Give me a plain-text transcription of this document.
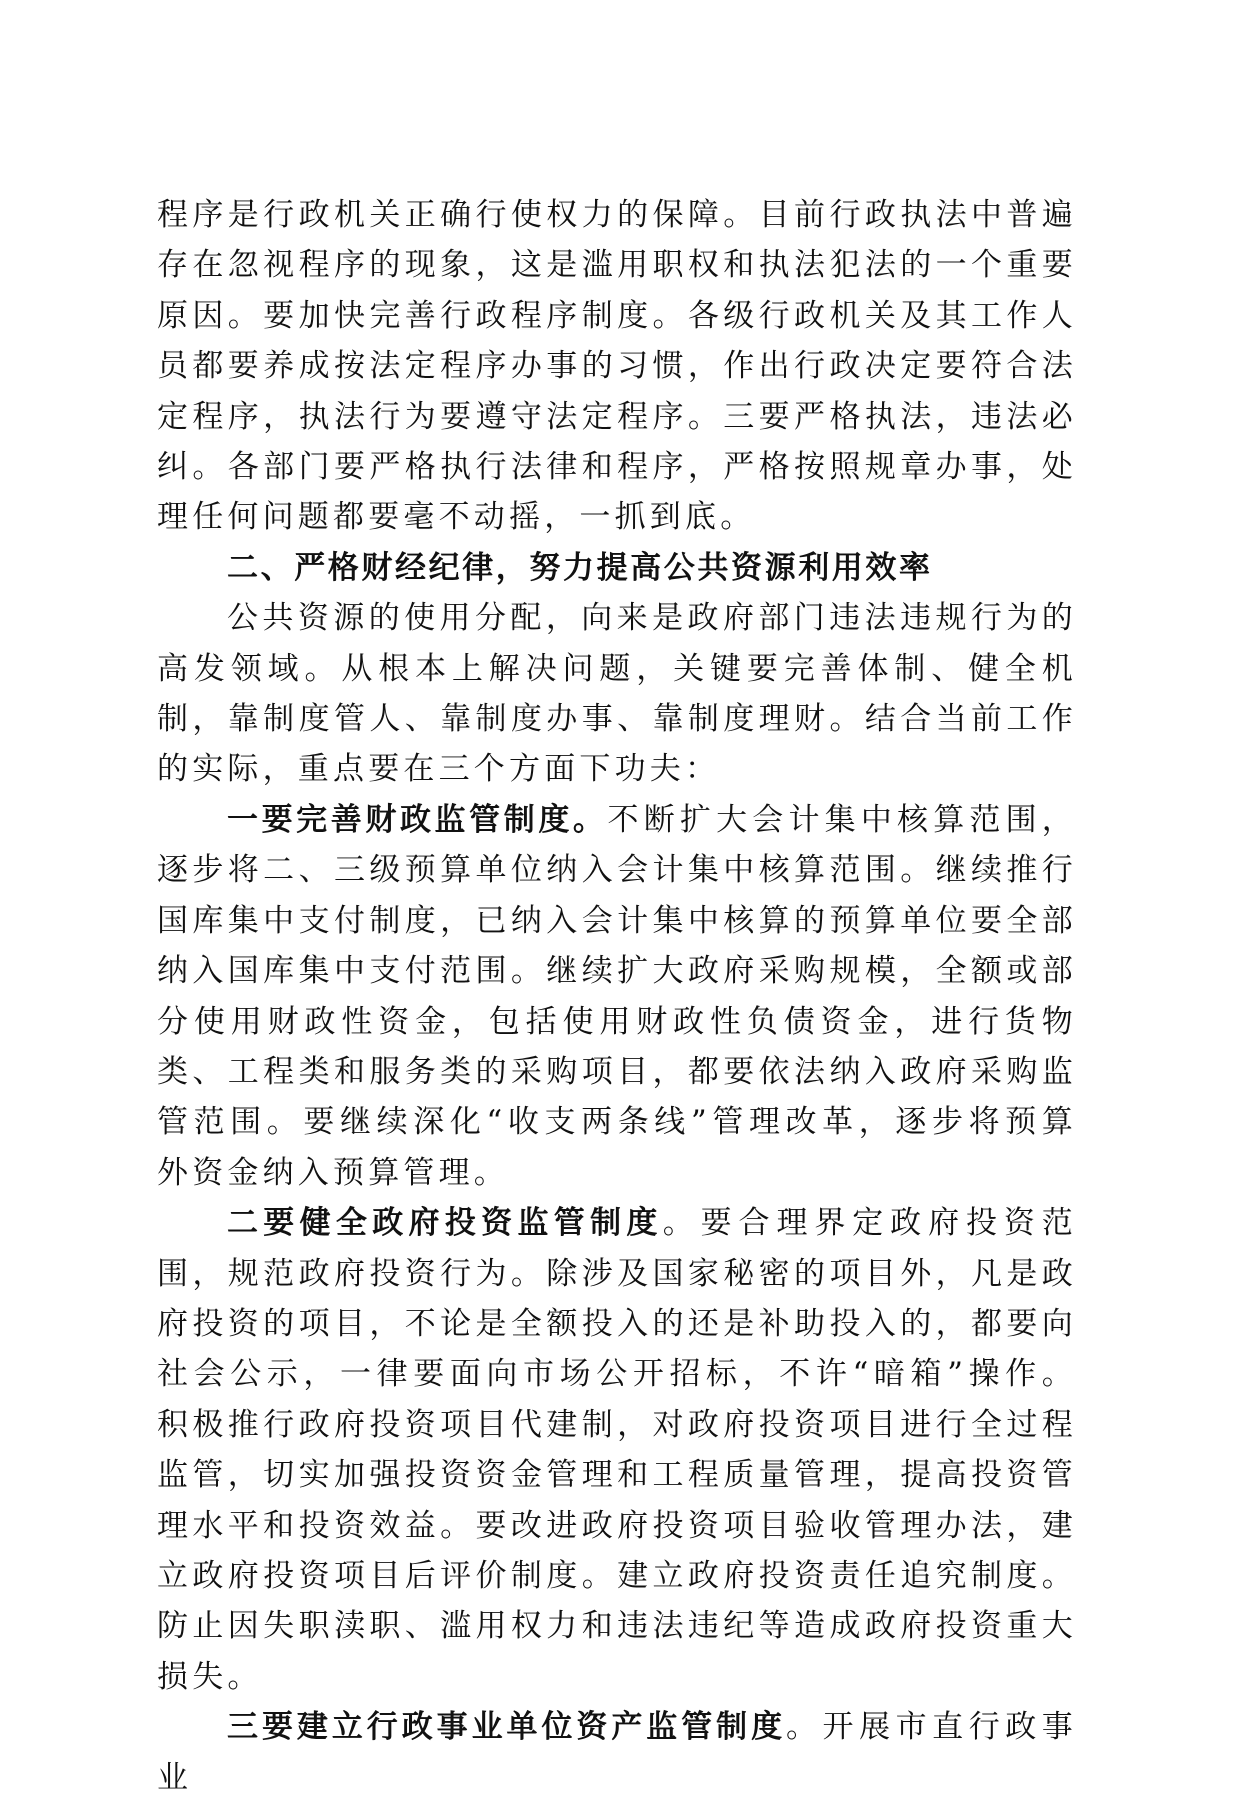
程序是行政机关正确行使权力的保障。目前行政执法中普遍存在忽视程序的现象，这是滥用职权和执法犯法的一个重要原因。要加快完善行政程序制度。各级行政机关及其工作人员都要养成按法定程序办事的习惯，作出行政决定要符合法定程序，执法行为要遵守法定程序。三要严格执法，违法必纠。各部门要严格执行法律和程序，严格按照规章办事，处理任何问题都要毫不动摇，一抓到底。

二、严格财经纪律，努力提高公共资源利用效率

公共资源的使用分配，向来是政府部门违法违规行为的高发领域。从根本上解决问题，关键要完善体制、健全机制，靠制度管人、靠制度办事、靠制度理财。结合当前工作的实际，重点要在三个方面下功夫：

一要完善财政监管制度。不断扩大会计集中核算范围，逐步将二、三级预算单位纳入会计集中核算范围。继续推行国库集中支付制度，已纳入会计集中核算的预算单位要全部纳入国库集中支付范围。继续扩大政府采购规模，全额或部分使用财政性资金，包括使用财政性负债资金，进行货物类、工程类和服务类的采购项目，都要依法纳入政府采购监管范围。要继续深化“收支两条线”管理改革，逐步将预算外资金纳入预算管理。

二要健全政府投资监管制度。要合理界定政府投资范围，规范政府投资行为。除涉及国家秘密的项目外，凡是政府投资的项目，不论是全额投入的还是补助投入的，都要向社会公示，一律要面向市场公开招标，不许“暗箱”操作。积极推行政府投资项目代建制，对政府投资项目进行全过程监管，切实加强投资资金管理和工程质量管理，提高投资管理水平和投资效益。要改进政府投资项目验收管理办法，建立政府投资项目后评价制度。建立政府投资责任追究制度。防止因失职渎职、滥用权力和违法违纪等造成政府投资重大损失。

三要建立行政事业单位资产监管制度。开展市直行政事业
